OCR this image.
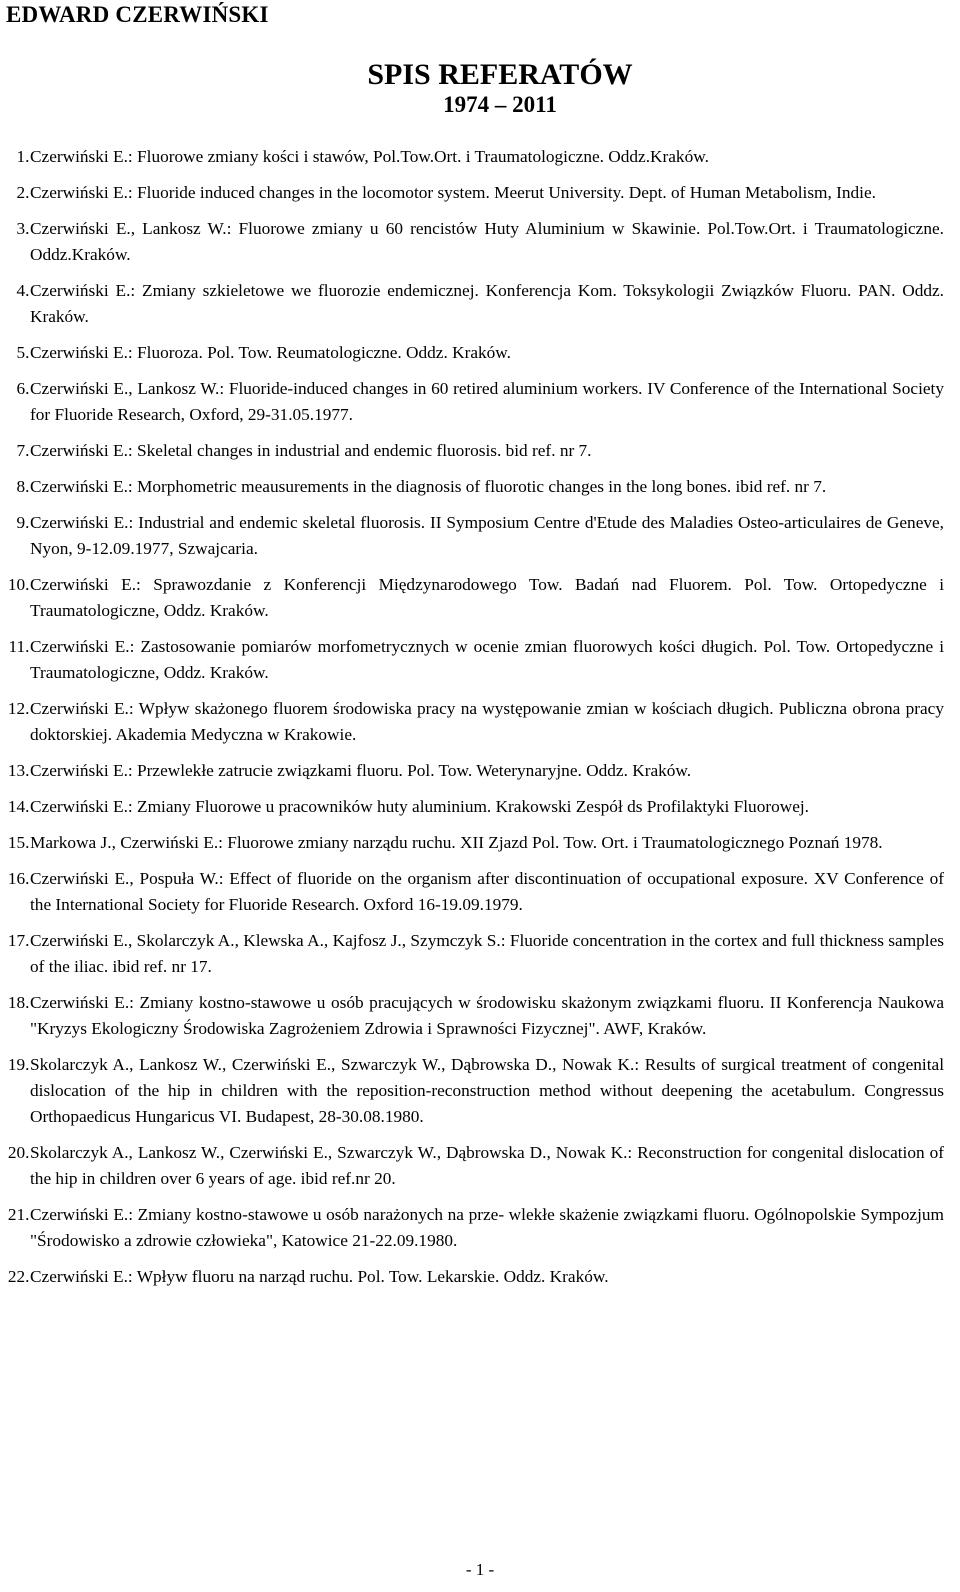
EDWARD CZERWIŃSKI
SPIS REFERATÓW
1974 – 2011
1. Czerwiński E.: Fluorowe zmiany kości i stawów, Pol.Tow.Ort. i Traumatologiczne. Oddz.Kraków.
2. Czerwiński E.: Fluoride induced changes in the locomotor system. Meerut University. Dept. of Human Metabolism, Indie.
3. Czerwiński E., Lankosz W.: Fluorowe zmiany u 60 rencistów Huty Aluminium w Skawinie. Pol.Tow.Ort. i Traumatologiczne. Oddz.Kraków.
4. Czerwiński E.: Zmiany szkieletowe we fluorozie endemicznej. Konferencja Kom. Toksykologii Związków Fluoru. PAN. Oddz. Kraków.
5. Czerwiński E.: Fluoroza. Pol. Tow. Reumatologiczne. Oddz. Kraków.
6. Czerwiński E., Lankosz W.: Fluoride-induced changes in 60 retired aluminium workers. IV Conference of the International Society for Fluoride Research, Oxford, 29-31.05.1977.
7. Czerwiński E.: Skeletal changes in industrial and endemic fluorosis. bid ref. nr 7.
8. Czerwiński E.: Morphometric meausurements in the diagnosis of fluorotic changes in the long bones. ibid ref. nr 7.
9. Czerwiński E.: Industrial and endemic skeletal fluorosis. II Symposium Centre d'Etude des Maladies Osteo-articulaires de Geneve, Nyon, 9-12.09.1977, Szwajcaria.
10. Czerwiński E.: Sprawozdanie z Konferencji Międzynarodowego Tow. Badań nad Fluorem. Pol. Tow. Ortopedyczne i Traumatologiczne, Oddz. Kraków.
11. Czerwiński E.: Zastosowanie pomiarów morfometrycznych w ocenie zmian fluorowych kości długich. Pol. Tow. Ortopedyczne i Traumatologiczne, Oddz. Kraków.
12. Czerwiński E.: Wpływ skażonego fluorem środowiska pracy na występowanie zmian w kościach długich. Publiczna obrona pracy doktorskiej. Akademia Medyczna w Krakowie.
13. Czerwiński E.: Przewlekłe zatrucie związkami fluoru. Pol. Tow. Weterynaryjne. Oddz. Kraków.
14. Czerwiński E.: Zmiany Fluorowe u pracowników huty aluminium. Krakowski Zespół ds Profilaktyki Fluorowej.
15. Markowa J., Czerwiński E.: Fluorowe zmiany narządu ruchu. XII Zjazd Pol. Tow. Ort. i Traumatologicznego Poznań 1978.
16. Czerwiński E., Pospuła W.: Effect of fluoride on the organism after discontinuation of occupational exposure. XV Conference of the International Society for Fluoride Research. Oxford 16-19.09.1979.
17. Czerwiński E., Skolarczyk A., Klewska A., Kajfosz J., Szymczyk S.: Fluoride concentration in the cortex and full thickness samples of the iliac. ibid ref. nr 17.
18. Czerwiński E.: Zmiany kostno-stawowe u osób pracujących w środowisku skażonym związkami fluoru. II Konferencja Naukowa "Kryzys Ekologiczny Środowiska Zagrożeniem Zdrowia i Sprawności Fizycznej". AWF, Kraków.
19. Skolarczyk A., Lankosz W., Czerwiński E., Szwarczyk W., Dąbrowska D., Nowak K.: Results of surgical treatment of congenital dislocation of the hip in children with the reposition-reconstruction method without deepening the acetabulum. Congressus Orthopaedicus Hungaricus VI. Budapest, 28-30.08.1980.
20. Skolarczyk A., Lankosz W., Czerwiński E., Szwarczyk W., Dąbrowska D., Nowak K.: Reconstruction for congenital dislocation of the hip in children over 6 years of age. ibid ref.nr 20.
21. Czerwiński E.: Zmiany kostno-stawowe u osób narażonych na prze- wlekłe skażenie związkami fluoru. Ogólnopolskie Sympozjum "Środowisko a zdrowie człowieka", Katowice 21-22.09.1980.
22. Czerwiński E.: Wpływ fluoru na narząd ruchu. Pol. Tow. Lekarskie. Oddz. Kraków.
- 1 -
